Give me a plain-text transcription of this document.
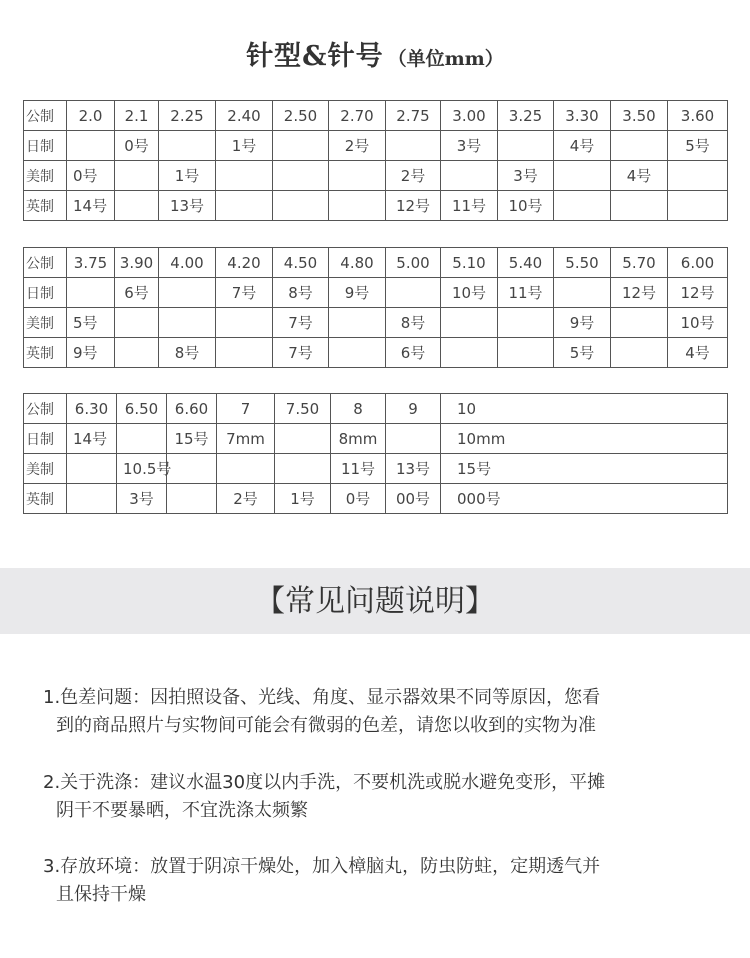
针型&针号 （单位mm）
公制	2.0	2.1	2.25	2.40	2.50	2.70	2.75	3.00	3.25	3.30	3.50	3.60
日制		0号		1号		2号		3号		4号		5号
美制	0号		1号				2号		3号		4号	
英制	14号		13号				12号	11号	10号			
公制	3.75	3.90	4.00	4.20	4.50	4.80	5.00	5.10	5.40	5.50	5.70	6.00
日制		6号		7号	8号	9号		10号	11号		12号	12号
美制	5号				7号		8号			9号		10号
英制	9号		8号		7号		6号			5号		4号
公制	6.30	6.50	6.60	7	7.50	8	9	10
日制	14号		15号	7mm		8mm		10mm
美制		10.5号				11号	13号	15号
英制		3号		2号	1号	0号	00号	000号
【常见问题说明】
1.色差问题：因拍照设备、光线、角度、显示器效果不同等原因，您看
到的商品照片与实物间可能会有微弱的色差，请您以收到的实物为准
2.关于洗涤：建议水温30度以内手洗，不要机洗或脱水避免变形，平摊
阴干不要暴晒，不宜洗涤太频繁
3.存放环境：放置于阴凉干燥处，加入樟脑丸，防虫防蛀，定期透气并
且保持干燥
